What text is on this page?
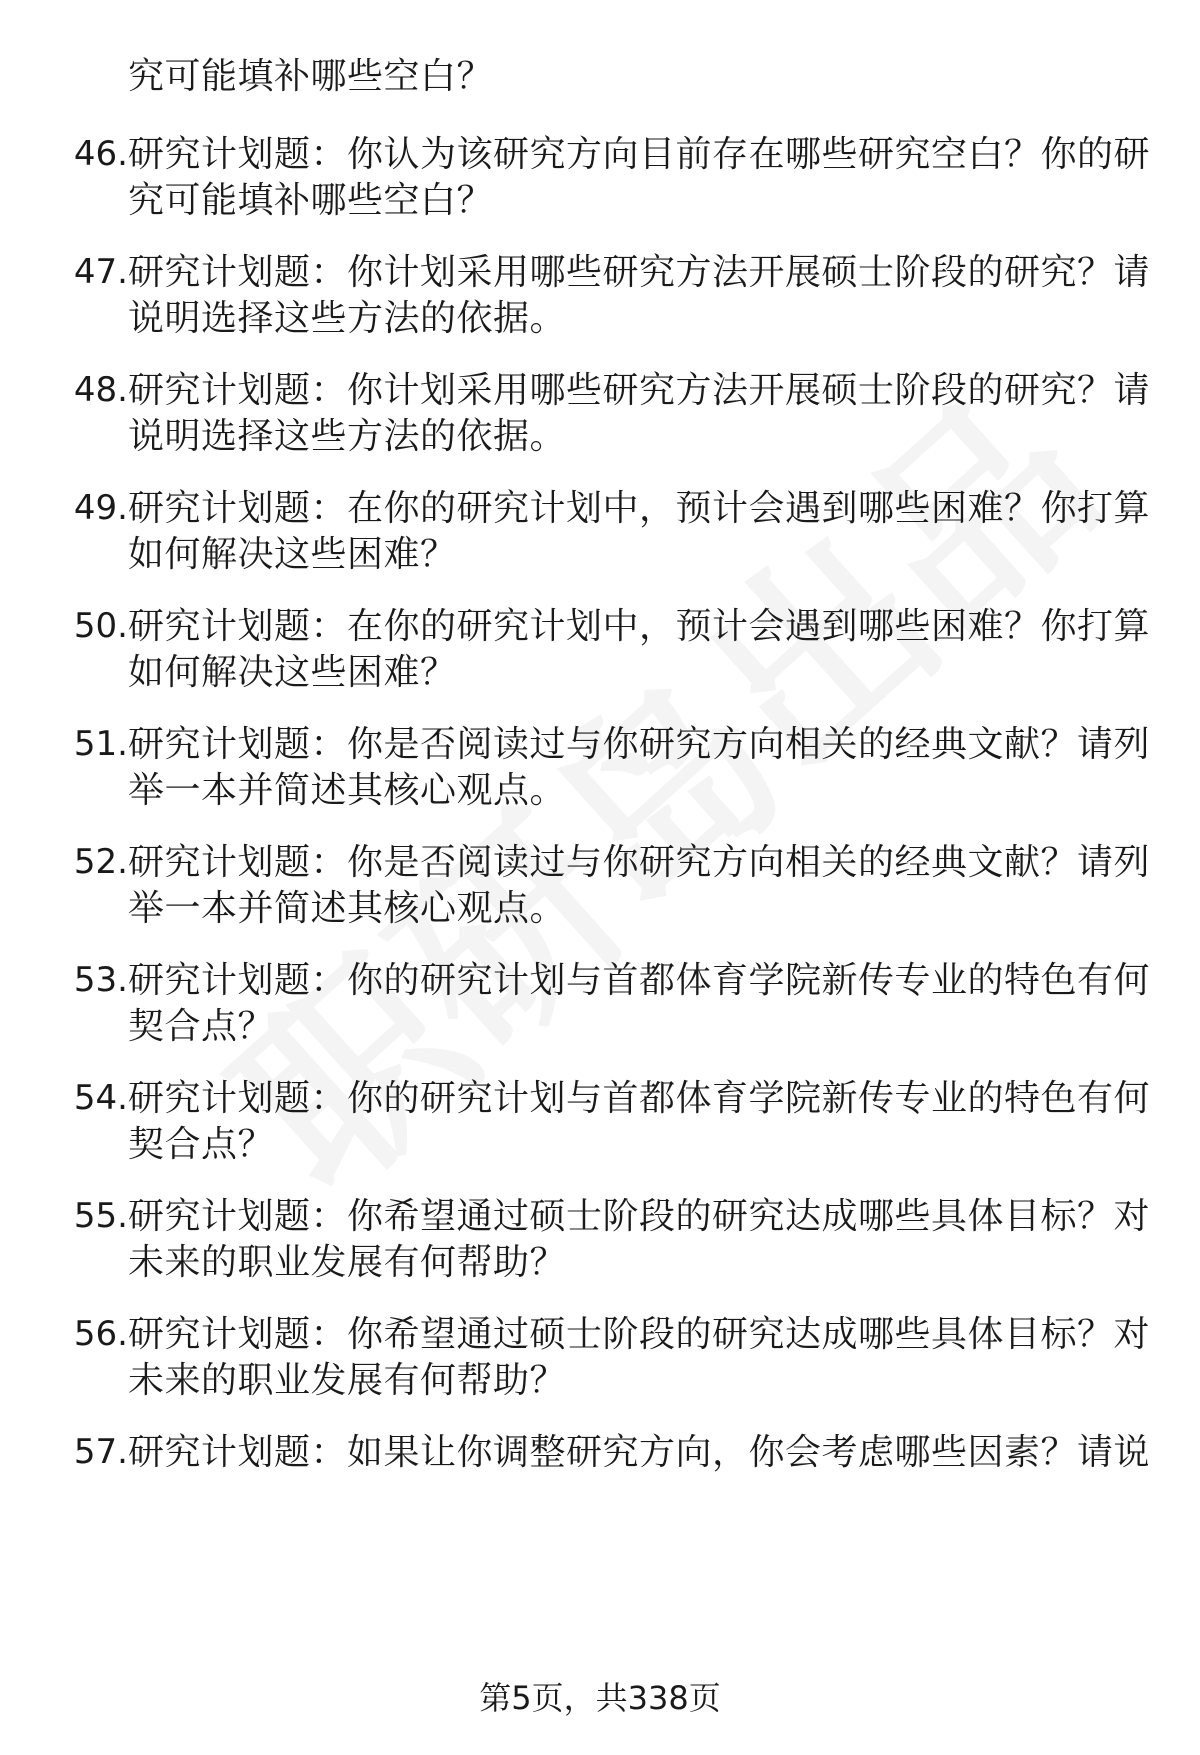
究可能填补哪些空白？
46. 研究计划题：你认为该研究方向目前存在哪些研究空白？你的研
究可能填补哪些空白？
47. 研究计划题：你计划采用哪些研究方法开展硕士阶段的研究？请
说明选择这些方法的依据。
48. 研究计划题：你计划采用哪些研究方法开展硕士阶段的研究？请
说明选择这些方法的依据。
49. 研究计划题：在你的研究计划中，预计会遇到哪些困难？你打算
如何解决这些困难？
50. 研究计划题：在你的研究计划中，预计会遇到哪些困难？你打算
如何解决这些困难？
51. 研究计划题：你是否阅读过与你研究方向相关的经典文献？请列
举一本并简述其核心观点。
52. 研究计划题：你是否阅读过与你研究方向相关的经典文献？请列
举一本并简述其核心观点。
53. 研究计划题：你的研究计划与首都体育学院新传专业的特色有何
契合点？
54. 研究计划题：你的研究计划与首都体育学院新传专业的特色有何
契合点？
55. 研究计划题：你希望通过硕士阶段的研究达成哪些具体目标？对
未来的职业发展有何帮助？
56. 研究计划题：你希望通过硕士阶段的研究达成哪些具体目标？对
未来的职业发展有何帮助？
57. 研究计划题：如果让你调整研究方向，你会考虑哪些因素？请说
第5页，共338页
